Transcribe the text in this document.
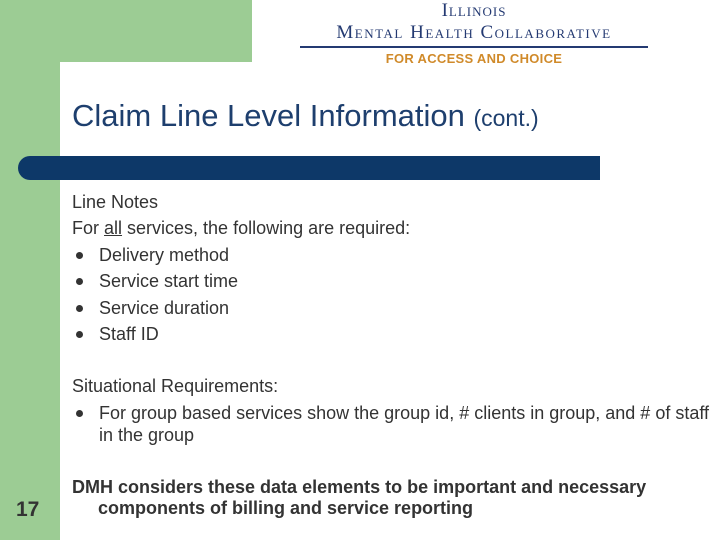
Illinois
Mental Health Collaborative
FOR ACCESS AND CHOICE
Claim Line Level Information (cont.)
Line Notes
For all services, the following are required:
Delivery method
Service start time
Service duration
Staff ID
Situational Requirements:
For group based services show the group id, # clients in group, and # of staff in the group
DMH considers these data elements to be important and necessary components of billing and service reporting
17
